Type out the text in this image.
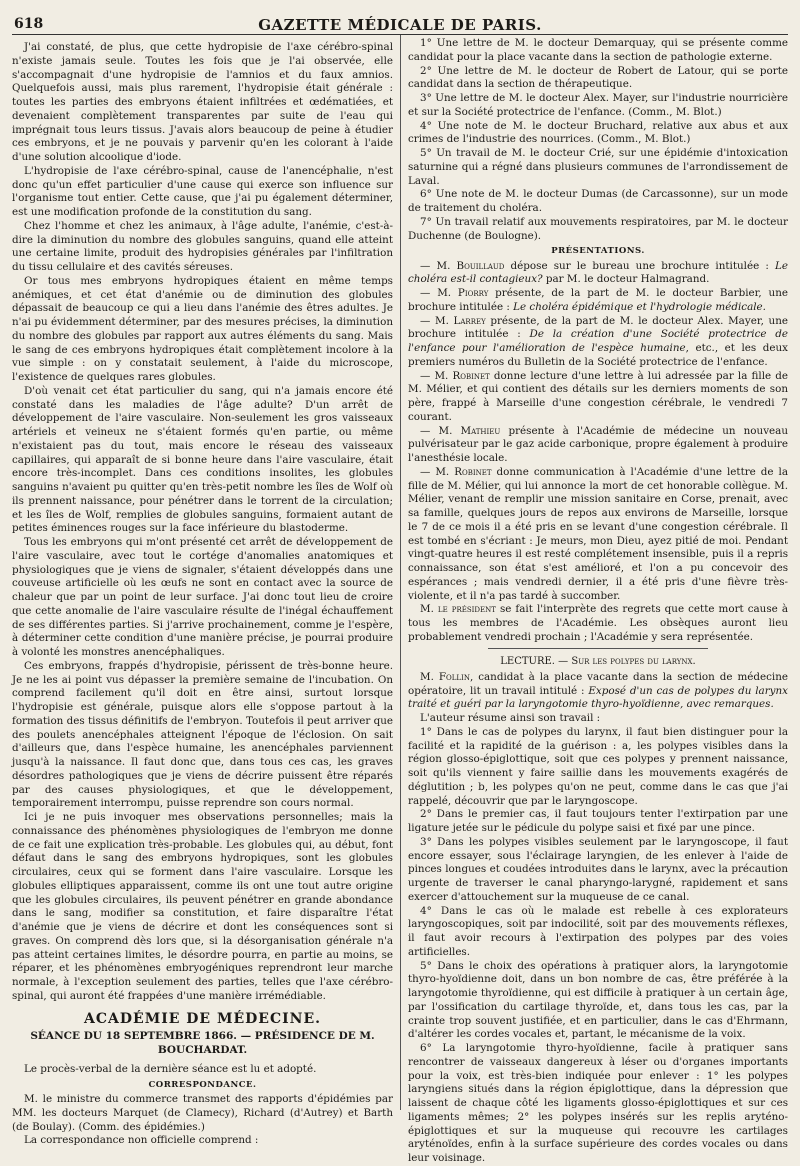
618	GAZETTE MÉDICALE DE PARIS.

J'ai constaté, de plus, que cette hydropisie de l'axe cérébro-spinal n'existe jamais seule. Toutes les fois que je l'ai observée, elle s'accompagnait d'une hydropisie de l'amnios et du faux amnios. Quelquefois aussi, mais plus rarement, l'hydropisie était générale : toutes les parties des embryons étaient infiltrées et œdématiées, et devenaient complètement transparentes par suite de l'eau qui imprégnait tous leurs tissus. J'avais alors beaucoup de peine à étudier ces embryons, et je ne pouvais y parvenir qu'en les colorant à l'aide d'une solution alcoolique d'iode.

L'hydropisie de l'axe cérébro-spinal, cause de l'anencéphalie, n'est donc qu'un effet particulier d'une cause qui exerce son influence sur l'organisme tout entier. Cette cause, que j'ai pu également déterminer, est une modification profonde de la constitution du sang.

Chez l'homme et chez les animaux, à l'âge adulte, l'anémie, c'est-à-dire la diminution du nombre des globules sanguins, quand elle atteint une certaine limite, produit des hydropisies générales par l'infiltration du tissu cellulaire et des cavités séreuses.

Or tous mes embryons hydropiques étaient en même temps anémiques, et cet état d'anémie ou de diminution des globules dépassait de beaucoup ce qui a lieu dans l'anémie des êtres adultes. Je n'ai pu évidemment déterminer, par des mesures précises, la diminution du nombre des globules par rapport aux autres éléments du sang. Mais le sang de ces embryons hydropiques était complètement incolore à la vue simple : on y constatait seulement, à l'aide du microscope, l'existence de quelques rares globules.

D'où venait cet état particulier du sang, qui n'a jamais encore été constaté dans les maladies de l'âge adulte? D'un arrêt de développement de l'aire vasculaire. Non-seulement les gros vaisseaux artériels et veineux ne s'étaient formés qu'en partie, ou même n'existaient pas du tout, mais encore le réseau des vaisseaux capillaires, qui apparaît de si bonne heure dans l'aire vasculaire, était encore très-incomplet. Dans ces conditions insolites, les globules sanguins n'avaient pu quitter qu'en très-petit nombre les îles de Wolf où ils prennent naissance, pour pénétrer dans le torrent de la circulation; et les îles de Wolf, remplies de globules sanguins, formaient autant de petites éminences rouges sur la face inférieure du blastoderme.

Tous les embryons qui m'ont présenté cet arrêt de développement de l'aire vasculaire, avec tout le cortége d'anomalies anatomiques et physiologiques que je viens de signaler, s'étaient développés dans une couveuse artificielle où les œufs ne sont en contact avec la source de chaleur que par un point de leur surface. J'ai donc tout lieu de croire que cette anomalie de l'aire vasculaire résulte de l'inégal échauffement de ses différentes parties. Si j'arrive prochainement, comme je l'espère, à déterminer cette condition d'une manière précise, je pourrai produire à volonté les monstres anencéphaliques.

Ces embryons, frappés d'hydropisie, périssent de très-bonne heure. Je ne les ai point vus dépasser la première semaine de l'incubation. On comprend facilement qu'il doit en être ainsi, surtout lorsque l'hydropisie est générale, puisque alors elle s'oppose partout à la formation des tissus définitifs de l'embryon. Toutefois il peut arriver que des poulets anencéphales atteignent l'époque de l'éclosion. On sait d'ailleurs que, dans l'espèce humaine, les anencéphales parviennent jusqu'à la naissance. Il faut donc que, dans tous ces cas, les graves désordres pathologiques que je viens de décrire puissent être réparés par des causes physiologiques, et que le développement, temporairement interrompu, puisse reprendre son cours normal.

Ici je ne puis invoquer mes observations personnelles; mais la connaissance des phénomènes physiologiques de l'embryon me donne de ce fait une explication très-probable. Les globules qui, au début, font défaut dans le sang des embryons hydropiques, sont les globules circulaires, ceux qui se forment dans l'aire vasculaire. Lorsque les globules elliptiques apparaissent, comme ils ont une tout autre origine que les globules circulaires, ils peuvent pénétrer en grande abondance dans le sang, modifier sa constitution, et faire disparaître l'état d'anémie que je viens de décrire et dont les conséquences sont si graves. On comprend dès lors que, si la désorganisation générale n'a pas atteint certaines limites, le désordre pourra, en partie au moins, se réparer, et les phénomènes embryogéniques reprendront leur marche normale, à l'exception seulement des parties, telles que l'axe cérébro-spinal, qui auront été frappées d'une manière irrémédiable.

ACADÉMIE DE MÉDECINE.
SÉANCE DU 18 SEPTEMBRE 1866. — PRÉSIDENCE DE M. BOUCHARDAT.

Le procès-verbal de la dernière séance est lu et adopté.

CORRESPONDANCE.

M. le ministre du commerce transmet des rapports d'épidémies par MM. les docteurs Marquet (de Clamecy), Richard (d'Autrey) et Barth (de Boulay). (Comm. des épidémies.)

La correspondance non officielle comprend :

1° Une lettre de M. le docteur Demarquay, qui se présente comme candidat pour la place vacante dans la section de pathologie externe.

2° Une lettre de M. le docteur de Robert de Latour, qui se porte candidat dans la section de thérapeutique.

3° Une lettre de M. le docteur Alex. Mayer, sur l'industrie nourricière et sur la Société protectrice de l'enfance. (Comm., M. Blot.)

4° Une note de M. le docteur Bruchard, relative aux abus et aux crimes de l'industrie des nourrices. (Comm., M. Blot.)

5° Un travail de M. le docteur Crié, sur une épidémie d'intoxication saturnine qui a régné dans plusieurs communes de l'arrondissement de Laval.

6° Une note de M. le docteur Dumas (de Carcassonne), sur un mode de traitement du choléra.

7° Un travail relatif aux mouvements respiratoires, par M. le docteur Duchenne (de Boulogne).

PRÉSENTATIONS.

— M. Bouillaud dépose sur le bureau une brochure intitulée : Le choléra est-il contagieux? par M. le docteur Halmagrand.

— M. Piorry présente, de la part de M. le docteur Barbier, une brochure intitulée : Le choléra épidémique et l'hydrologie médicale.

— M. Larrey présente, de la part de M. le docteur Alex. Mayer, une brochure intitulée : De la création d'une Société protectrice de l'enfance pour l'amélioration de l'espèce humaine, etc., et les deux premiers numéros du Bulletin de la Société protectrice de l'enfance.

— M. Robinet donne lecture d'une lettre à lui adressée par la fille de M. Mélier, et qui contient des détails sur les derniers moments de son père, frappé à Marseille d'une congestion cérébrale, le vendredi 7 courant.

— M. Mathieu présente à l'Académie de médecine un nouveau pulvérisateur par le gaz acide carbonique, propre également à produire l'anesthésie locale.

— M. Robinet donne communication à l'Académie d'une lettre de la fille de M. Mélier, qui lui annonce la mort de cet honorable collègue. M. Mélier, venant de remplir une mission sanitaire en Corse, prenait, avec sa famille, quelques jours de repos aux environs de Marseille, lorsque le 7 de ce mois il a été pris en se levant d'une congestion cérébrale. Il est tombé en s'écriant : Je meurs, mon Dieu, ayez pitié de moi. Pendant vingt-quatre heures il est resté complétement insensible, puis il a repris connaissance, son état s'est amélioré, et l'on a pu concevoir des espérances ; mais vendredi dernier, il a été pris d'une fièvre très-violente, et il n'a pas tardé à succomber.

M. le président se fait l'interprète des regrets que cette mort cause à tous les membres de l'Académie. Les obsèques auront lieu probablement vendredi prochain ; l'Académie y sera représentée.

LECTURE. — Sur les polypes du larynx.

M. Follin, candidat à la place vacante dans la section de médecine opératoire, lit un travail intitulé : Exposé d'un cas de polypes du larynx traité et guéri par la laryngotomie thyro-hyoïdienne, avec remarques.

L'auteur résume ainsi son travail :

1° Dans le cas de polypes du larynx, il faut bien distinguer pour la facilité et la rapidité de la guérison : a, les polypes visibles dans la région glosso-épiglottique, soit que ces polypes y prennent naissance, soit qu'ils viennent y faire saillie dans les mouvements exagérés de déglutition ; b, les polypes qu'on ne peut, comme dans le cas que j'ai rappelé, découvrir que par le laryngoscope.

2° Dans le premier cas, il faut toujours tenter l'extirpation par une ligature jetée sur le pédicule du polype saisi et fixé par une pince.

3° Dans les polypes visibles seulement par le laryngoscope, il faut encore essayer, sous l'éclairage laryngien, de les enlever à l'aide de pinces longues et coudées introduites dans le larynx, avec la précaution urgente de traverser le canal pharyngo-larygné, rapidement et sans exercer d'attouchement sur la muqueuse de ce canal.

4° Dans le cas où le malade est rebelle à ces explorateurs laryngoscopiques, soit par indocilité, soit par des mouvements réflexes, il faut avoir recours à l'extirpation des polypes par des voies artificielles.

5° Dans le choix des opérations à pratiquer alors, la laryngotomie thyro-hyoïdienne doit, dans un bon nombre de cas, être préférée à la laryngotomie thyroïdienne, qui est difficile à pratiquer à un certain âge, par l'ossification du cartilage thyroïde, et, dans tous les cas, par la crainte trop souvent justifiée, et en particulier, dans le cas d'Ehrmann, d'altérer les cordes vocales et, partant, le mécanisme de la voix.

6° La laryngotomie thyro-hyoïdienne, facile à pratiquer sans rencontrer de vaisseaux dangereux à léser ou d'organes importants pour la voix, est très-bien indiquée pour enlever : 1° les polypes laryngiens situés dans la région épiglottique, dans la dépression que laissent de chaque côté les ligaments glosso-épiglottiques et sur ces ligaments mêmes; 2° les polypes insérés sur les replis aryténo-épiglottiques et sur la muqueuse qui recouvre les cartilages aryténoïdes, enfin à la surface supérieure des cordes vocales ou dans leur voisinage.
